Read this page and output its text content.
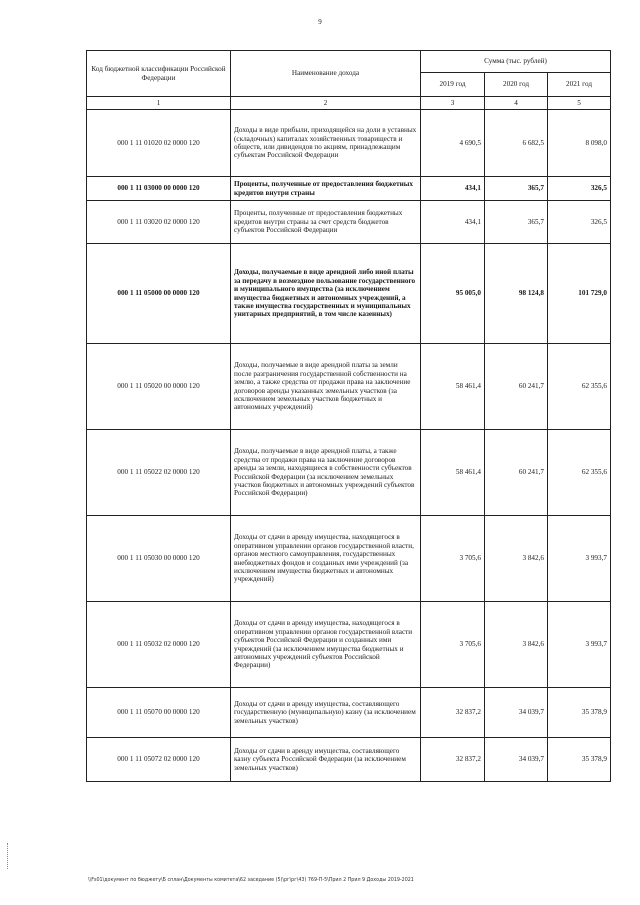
9
Код бюджетной классификации Российской Федерации	Наименование дохода	Сумма (тыс. рублей)		
		2019 год	2020 год	2021 год
1	2	3	4	5
000 1 11 01020 02 0000 120	Доходы в виде прибыли, приходящейся на доли в уставных (складочных) капиталах хозяйственных товариществ и обществ, или дивидендов по акциям, принадлежащим субъектам Российской Федерации	4 690,5	6 682,5	8 098,0
000 1 11 03000 00 0000 120	Проценты, полученные от предоставления бюджетных кредитов внутри страны	434,1	365,7	326,5
000 1 11 03020 02 0000 120	Проценты, полученные от предоставления бюджетных кредитов внутри страны за счет средств бюджетов субъектов Российской Федерации	434,1	365,7	326,5
000 1 11 05000 00 0000 120	Доходы, получаемые в виде арендной либо иной платы за передачу в возмездное пользование государственного и муниципального имущества (за исключением имущества бюджетных и автономных учреждений, а также имущества государственных и муниципальных унитарных предприятий, в том числе казенных)	95 005,0	98 124,8	101 729,0
000 1 11 05020 00 0000 120	Доходы, получаемые в виде арендной платы за земли после разграничения государственной собственности на землю, а также средства от продажи права на заключение договоров аренды указанных земельных участков (за исключением земельных участков бюджетных и автономных учреждений)	58 461,4	60 241,7	62 355,6
000 1 11 05022 02 0000 120	Доходы, получаемые в виде арендной платы, а также средства от продажи права на заключение договоров аренды за земли, находящиеся в собственности субъектов Российской Федерации (за исключением земельных участков бюджетных и автономных учреждений субъектов Российской Федерации)	58 461,4	60 241,7	62 355,6
000 1 11 05030 00 0000 120	Доходы от сдачи в аренду имущества, находящегося в оперативном управлении органов государственной власти, органов местного самоуправления, государственных внебюджетных фондов и созданных ими учреждений (за исключением имущества бюджетных и автономных учреждений)	3 705,6	3 842,6	3 993,7
000 1 11 05032 02 0000 120	Доходы от сдачи в аренду имущества, находящегося в оперативном управлении органов государственной власти субъектов Российской Федерации и созданных ими учреждений (за исключением имущества бюджетных и автономных учреждений субъектов Российской Федерации)	3 705,6	3 842,6	3 993,7
000 1 11 05070 00 0000 120	Доходы от сдачи в аренду имущества, составляющего государственную (муниципальную) казну (за исключением земельных участков)	32 837,2	34 039,7	35 378,9
000 1 11 05072 02 0000 120	Доходы от сдачи в аренду имущества, составляющего казну субъекта Российской Федерации (за исключением земельных участков)	32 837,2	34 039,7	35 378,9
\\Fs01\документ по бюджету\Б сплан\Документы комитета\62 заседание (5)\рг\рг\43) 769-П-5\Прил 2 Прил 9 Доходы 2019-2021
